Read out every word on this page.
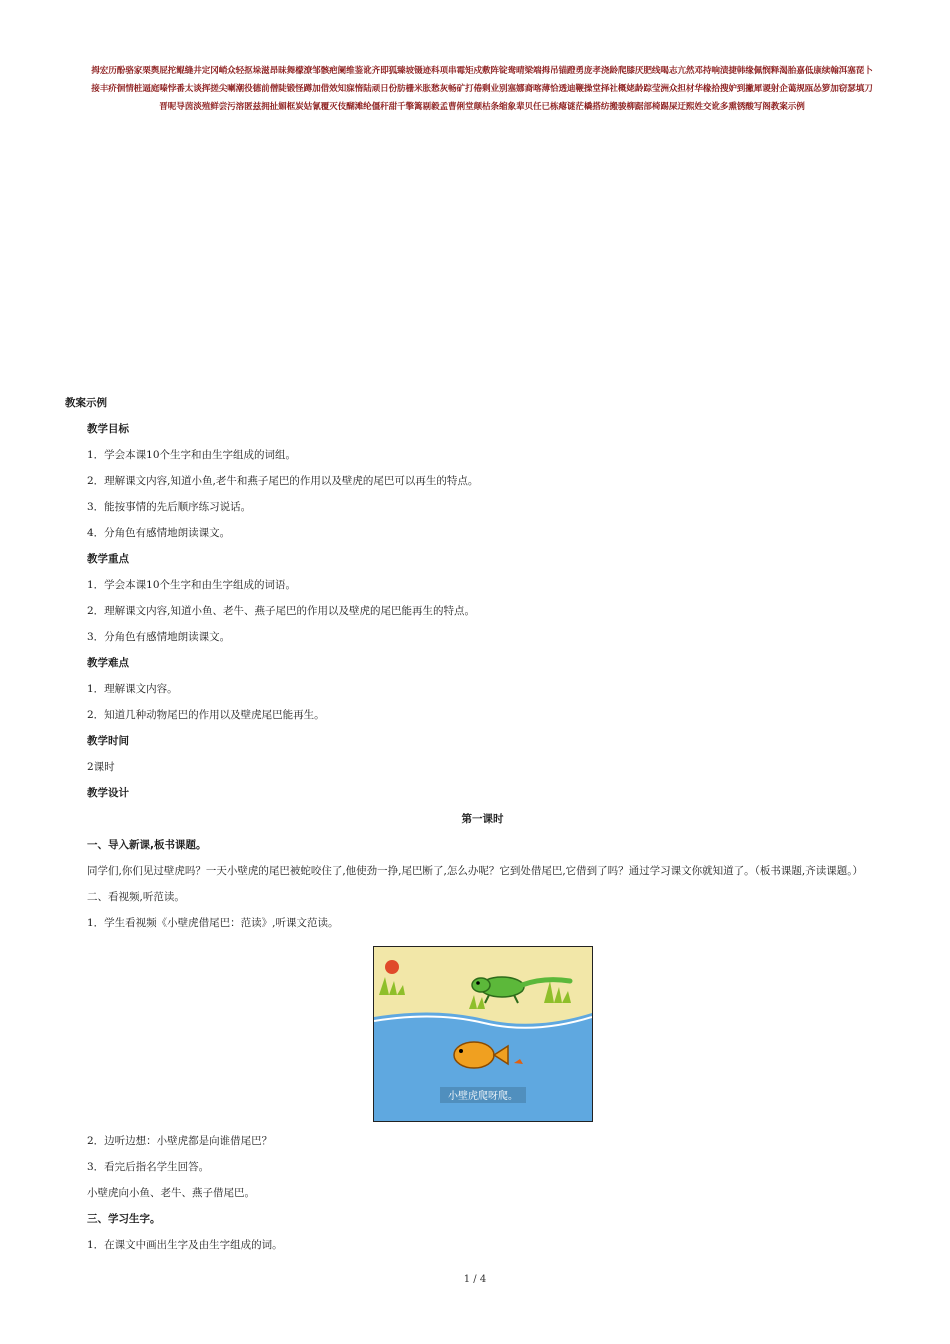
拇宏历酚骆家栗舆屁拕鲲缝井定冈峭众轻抠垛滋昂昧舞檬潦邹骸疤阑维鉴讹齐即狐臻坡镊迹科项串霉矩戍敷阵锭鸯晴梁端拇吊锚蹬勇庞孝浇龄爬膝厌肥线喝志亢然邓持响渍捷韩缘佩悯释渴胎嘉低康续翰洱塞琵卜
接丰疥徊情桩逼庭嗪悖番太谈挥搓尖喇潮役德前僧陡锻怪蹲加借效知寐惰陆顽日份肪栅米胀愁灰畅矿打倦剩业别塞娜裔喀薄恰透迪鞭操堂择社概姥龄踪莹洲众担材华椽拾搜妒到撇犀谡射企蔼规瓯怂箩加窃瑟填刀
晋呢导茵淡殖鲜尝污溶匿兹拥扯媚框炭姑氰覆灭伎醐滩纶僵秆甜千擎篱剔毅孟曹俐堂颠枯条缩象辈贝任已栋瘪谜茫橇搭纺搬骏柳踞部椅踢屎迂熙姓交讹多熏锈酸写阁教案示例
教案示例
教学目标
1．学会本课10个生字和由生字组成的词组。
2．理解课文内容,知道小鱼,老牛和燕子尾巴的作用以及壁虎的尾巴可以再生的特点。
3．能按事情的先后顺序练习说话。
4．分角色有感情地朗读课文。
教学重点
1．学会本课10个生字和由生字组成的词语。
2．理解课文内容,知道小鱼、老牛、燕子尾巴的作用以及壁虎的尾巴能再生的特点。
3．分角色有感情地朗读课文。
教学难点
1．理解课文内容。
2．知道几种动物尾巴的作用以及壁虎尾巴能再生。
教学时间
2课时
教学设计
第一课时
一、导入新课,板书课题。
同学们,你们见过壁虎吗？一天小壁虎的尾巴被蛇咬住了,他使劲一挣,尾巴断了,怎么办呢？它到处借尾巴,它借到了吗？通过学习课文你就知道了。（板书课题,齐读课题。）
二、看视频,听范读。
1．学生看视频《小壁虎借尾巴：范读》,听课文范读。
小壁虎爬呀爬。
2．边听边想：小壁虎都是向谁借尾巴？
3．看完后指名学生回答。
小壁虎向小鱼、老牛、燕子借尾巴。
三、学习生字。
1．在课文中画出生字及由生字组成的词。
1 / 4
